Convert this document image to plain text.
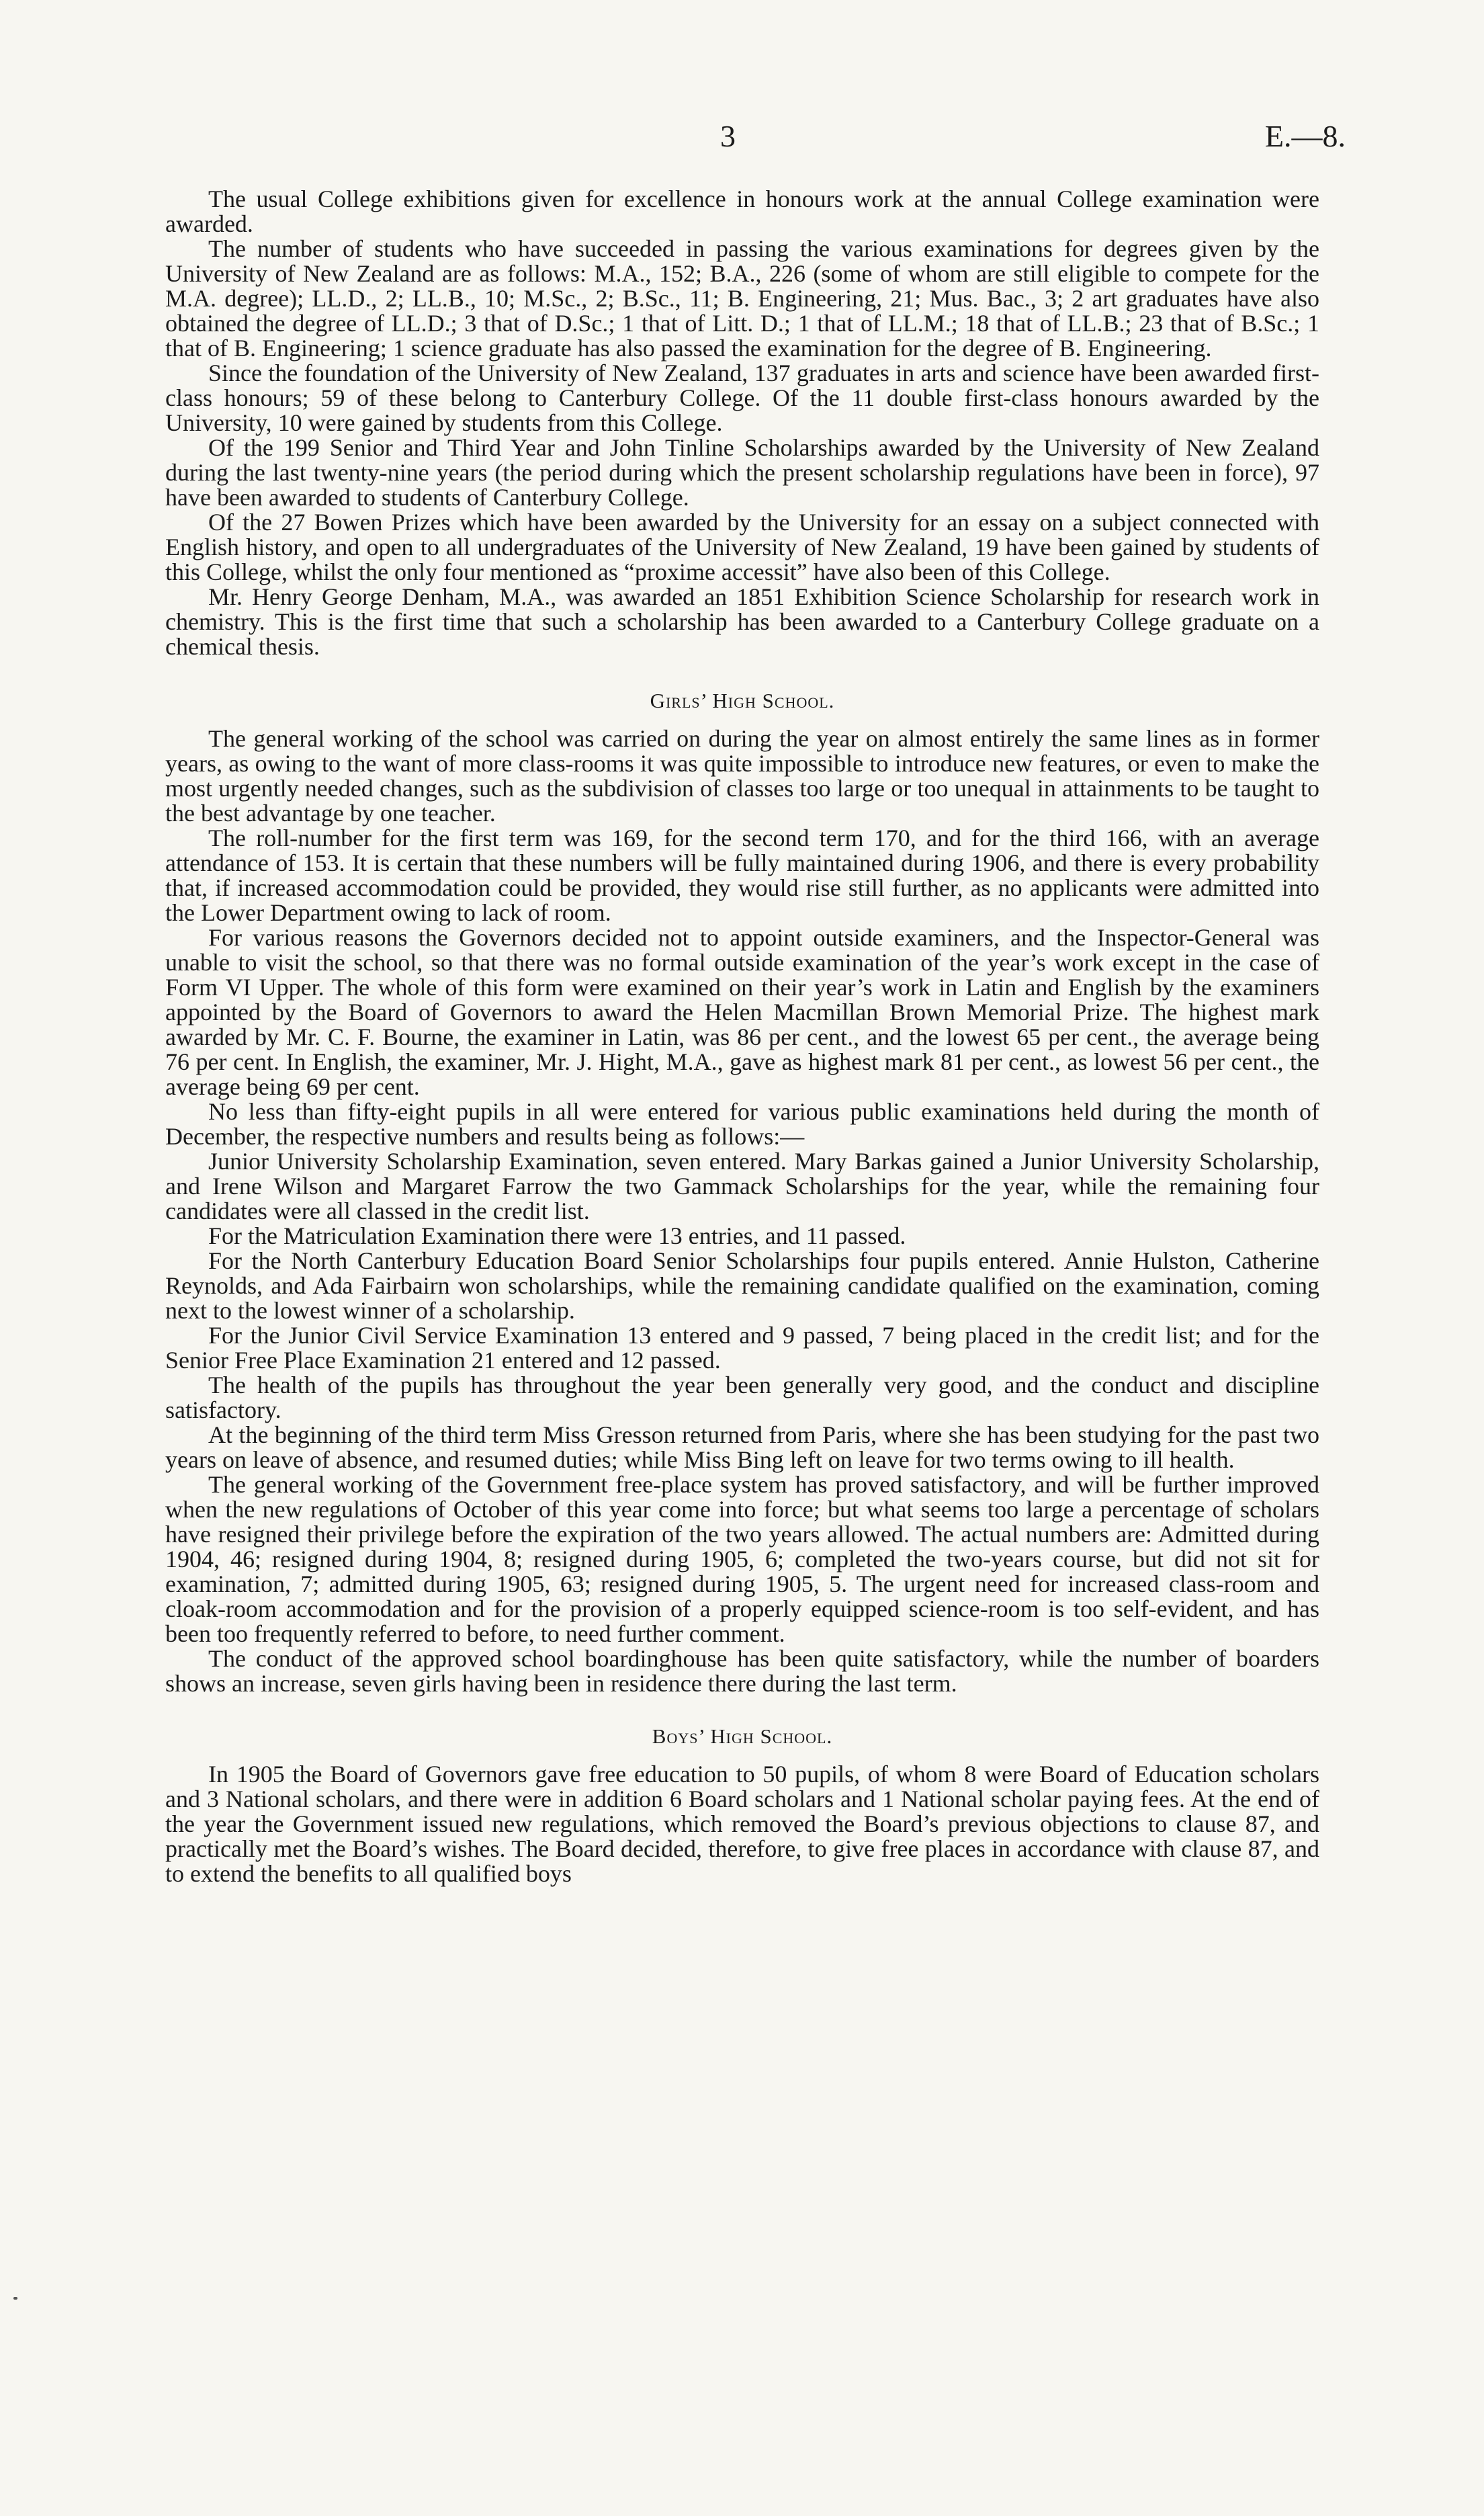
3	E.—8.

The usual College exhibitions given for excellence in honours work at the annual College examination were awarded.

The number of students who have succeeded in passing the various examinations for degrees given by the University of New Zealand are as follows: M.A., 152; B.A., 226 (some of whom are still eligible to compete for the M.A. degree); LL.D., 2; LL.B., 10; M.Sc., 2; B.Sc., 11; B. Engineering, 21; Mus. Bac., 3; 2 art graduates have also obtained the degree of LL.D.; 3 that of D.Sc.; 1 that of Litt. D.; 1 that of LL.M.; 18 that of LL.B.; 23 that of B.Sc.; 1 that of B. Engineering; 1 science graduate has also passed the examination for the degree of B. Engineering.

Since the foundation of the University of New Zealand, 137 graduates in arts and science have been awarded first-class honours; 59 of these belong to Canterbury College. Of the 11 double first-class honours awarded by the University, 10 were gained by students from this College.

Of the 199 Senior and Third Year and John Tinline Scholarships awarded by the University of New Zealand during the last twenty-nine years (the period during which the present scholarship regulations have been in force), 97 have been awarded to students of Canterbury College.

Of the 27 Bowen Prizes which have been awarded by the University for an essay on a subject connected with English history, and open to all undergraduates of the University of New Zealand, 19 have been gained by students of this College, whilst the only four mentioned as “proxime accessit” have also been of this College.

Mr. Henry George Denham, M.A., was awarded an 1851 Exhibition Science Scholarship for research work in chemistry. This is the first time that such a scholarship has been awarded to a Canterbury College graduate on a chemical thesis.

Girls’ High School.

The general working of the school was carried on during the year on almost entirely the same lines as in former years, as owing to the want of more class-rooms it was quite impossible to introduce new features, or even to make the most urgently needed changes, such as the subdivision of classes too large or too unequal in attainments to be taught to the best advantage by one teacher.

The roll-number for the first term was 169, for the second term 170, and for the third 166, with an average attendance of 153. It is certain that these numbers will be fully maintained during 1906, and there is every probability that, if increased accommodation could be provided, they would rise still further, as no applicants were admitted into the Lower Department owing to lack of room.

For various reasons the Governors decided not to appoint outside examiners, and the Inspector-General was unable to visit the school, so that there was no formal outside examination of the year’s work except in the case of Form VI Upper. The whole of this form were examined on their year’s work in Latin and English by the examiners appointed by the Board of Governors to award the Helen Macmillan Brown Memorial Prize. The highest mark awarded by Mr. C. F. Bourne, the examiner in Latin, was 86 per cent., and the lowest 65 per cent., the average being 76 per cent. In English, the examiner, Mr. J. Hight, M.A., gave as highest mark 81 per cent., as lowest 56 per cent., the average being 69 per cent.

No less than fifty-eight pupils in all were entered for various public examinations held during the month of December, the respective numbers and results being as follows:—

Junior University Scholarship Examination, seven entered. Mary Barkas gained a Junior University Scholarship, and Irene Wilson and Margaret Farrow the two Gammack Scholarships for the year, while the remaining four candidates were all classed in the credit list.

For the Matriculation Examination there were 13 entries, and 11 passed.

For the North Canterbury Education Board Senior Scholarships four pupils entered. Annie Hulston, Catherine Reynolds, and Ada Fairbairn won scholarships, while the remaining candidate qualified on the examination, coming next to the lowest winner of a scholarship.

For the Junior Civil Service Examination 13 entered and 9 passed, 7 being placed in the credit list; and for the Senior Free Place Examination 21 entered and 12 passed.

The health of the pupils has throughout the year been generally very good, and the conduct and discipline satisfactory.

At the beginning of the third term Miss Gresson returned from Paris, where she has been studying for the past two years on leave of absence, and resumed duties; while Miss Bing left on leave for two terms owing to ill health.

The general working of the Government free-place system has proved satisfactory, and will be further improved when the new regulations of October of this year come into force; but what seems too large a percentage of scholars have resigned their privilege before the expiration of the two years allowed. The actual numbers are: Admitted during 1904, 46; resigned during 1904, 8; resigned during 1905, 6; completed the two-years course, but did not sit for examination, 7; admitted during 1905, 63; resigned during 1905, 5. The urgent need for increased class-room and cloak-room accommodation and for the provision of a properly equipped science-room is too self-evident, and has been too frequently referred to before, to need further comment.

The conduct of the approved school boardinghouse has been quite satisfactory, while the number of boarders shows an increase, seven girls having been in residence there during the last term.

Boys’ High School.

In 1905 the Board of Governors gave free education to 50 pupils, of whom 8 were Board of Education scholars and 3 National scholars, and there were in addition 6 Board scholars and 1 National scholar paying fees. At the end of the year the Government issued new regulations, which removed the Board’s previous objections to clause 87, and practically met the Board’s wishes. The Board decided, therefore, to give free places in accordance with clause 87, and to extend the benefits to all qualified boys
